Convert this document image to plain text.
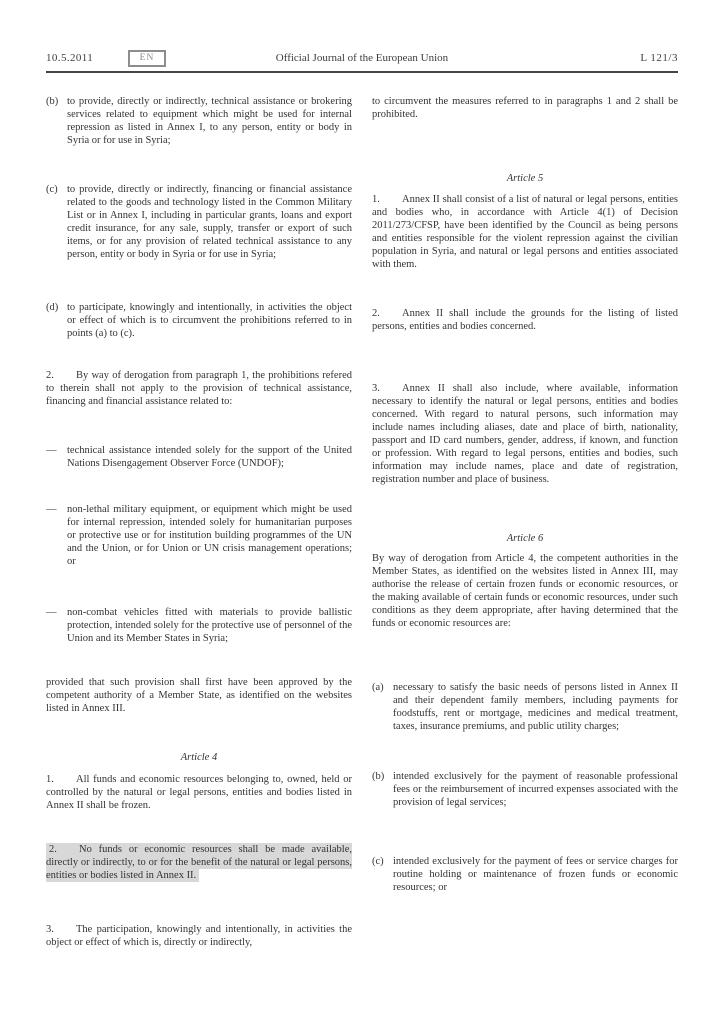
10.5.2011	EN	Official Journal of the European Union	L 121/3

(b) to provide, directly or indirectly, technical assistance or brokering services related to equipment which might be used for internal repression as listed in Annex I, to any person, entity or body in Syria or for use in Syria;

(c) to provide, directly or indirectly, financing or financial assistance related to the goods and technology listed in the Common Military List or in Annex I, including in particular grants, loans and export credit insurance, for any sale, supply, transfer or export of such items, or for any provision of related technical assistance to any person, entity or body in Syria or for use in Syria;

(d) to participate, knowingly and intentionally, in activities the object or effect of which is to circumvent the prohibitions referred to in points (a) to (c).

2. By way of derogation from paragraph 1, the prohibitions refered to therein shall not apply to the provision of technical assistance, financing and financial assistance related to:

— technical assistance intended solely for the support of the United Nations Disengagement Observer Force (UNDOF);

— non-lethal military equipment, or equipment which might be used for internal repression, intended solely for humanitarian purposes or protective use or for institution building programmes of the UN and the Union, or for Union or UN crisis management operations; or

— non-combat vehicles fitted with materials to provide ballistic protection, intended solely for the protective use of personnel of the Union and its Member States in Syria;

provided that such provision shall first have been approved by the competent authority of a Member State, as identified on the websites listed in Annex III.

Article 4

1. All funds and economic resources belonging to, owned, held or controlled by the natural or legal persons, entities and bodies listed in Annex II shall be frozen.

2. No funds or economic resources shall be made available, directly or indirectly, to or for the benefit of the natural or legal persons, entities or bodies listed in Annex II.

3. The participation, knowingly and intentionally, in activities the object or effect of which is, directly or indirectly,

to circumvent the measures referred to in paragraphs 1 and 2 shall be prohibited.

Article 5

1. Annex II shall consist of a list of natural or legal persons, entities and bodies who, in accordance with Article 4(1) of Decision 2011/273/CFSP, have been identified by the Council as being persons and entities responsible for the violent repression against the civilian population in Syria, and natural or legal persons and entities associated with them.

2. Annex II shall include the grounds for the listing of listed persons, entities and bodies concerned.

3. Annex II shall also include, where available, information necessary to identify the natural or legal persons, entities and bodies concerned. With regard to natural persons, such information may include names including aliases, date and place of birth, nationality, passport and ID card numbers, gender, address, if known, and function or profession. With regard to legal persons, entities and bodies, such information may include names, place and date of registration, registration number and place of business.

Article 6

By way of derogation from Article 4, the competent authorities in the Member States, as identified on the websites listed in Annex III, may authorise the release of certain frozen funds or economic resources, or the making available of certain funds or economic resources, under such conditions as they deem appropriate, after having determined that the funds or economic resources are:

(a) necessary to satisfy the basic needs of persons listed in Annex II and their dependent family members, including payments for foodstuffs, rent or mortgage, medicines and medical treatment, taxes, insurance premiums, and public utility charges;

(b) intended exclusively for the payment of reasonable professional fees or the reimbursement of incurred expenses associated with the provision of legal services;

(c) intended exclusively for the payment of fees or service charges for routine holding or maintenance of frozen funds or economic resources; or
